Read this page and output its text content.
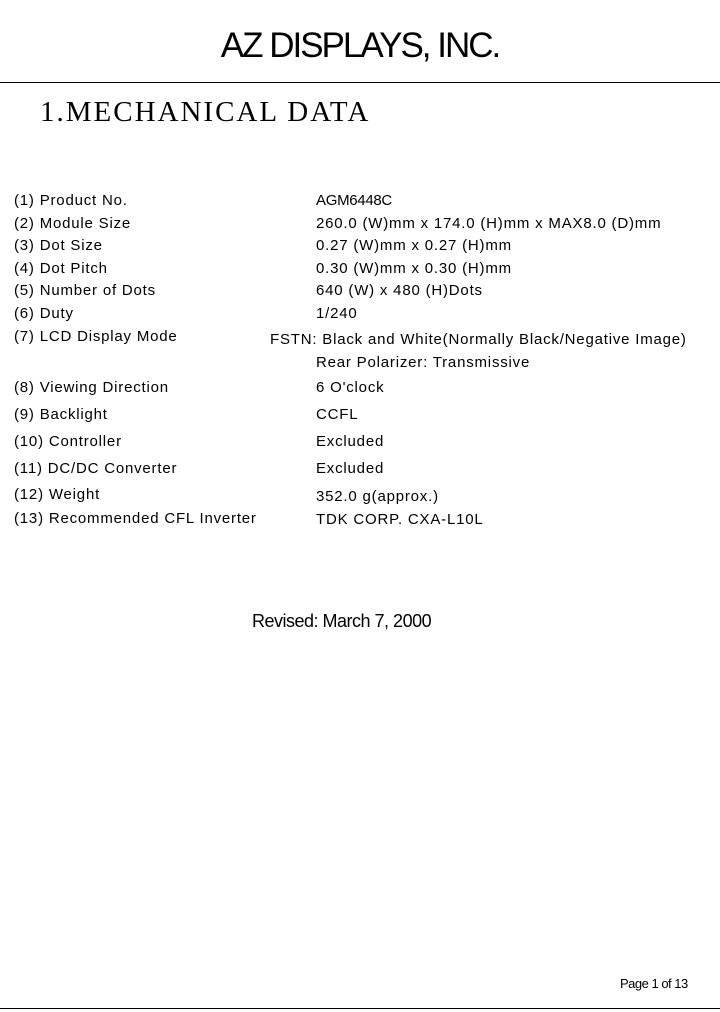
AZ DISPLAYS, INC.
1.MECHANICAL DATA
(1) Product No.	AGM6448C
(2) Module Size	260.0 (W)mm x 174.0 (H)mm x MAX8.0 (D)mm
(3) Dot Size	0.27 (W)mm x 0.27 (H)mm
(4) Dot Pitch	0.30 (W)mm x 0.30 (H)mm
(5) Number of Dots	640 (W) x 480 (H)Dots
(6) Duty	1/240
(7) LCD Display Mode	FSTN: Black and White(Normally Black/Negative Image)
Rear Polarizer: Transmissive
(8) Viewing Direction	6 O'clock
(9) Backlight	CCFL
(10) Controller	Excluded
(11) DC/DC Converter	Excluded
(12) Weight	352.0 g(approx.)
(13) Recommended CFL Inverter	TDK CORP. CXA-L10L
Revised: March 7, 2000
Page 1 of 13
